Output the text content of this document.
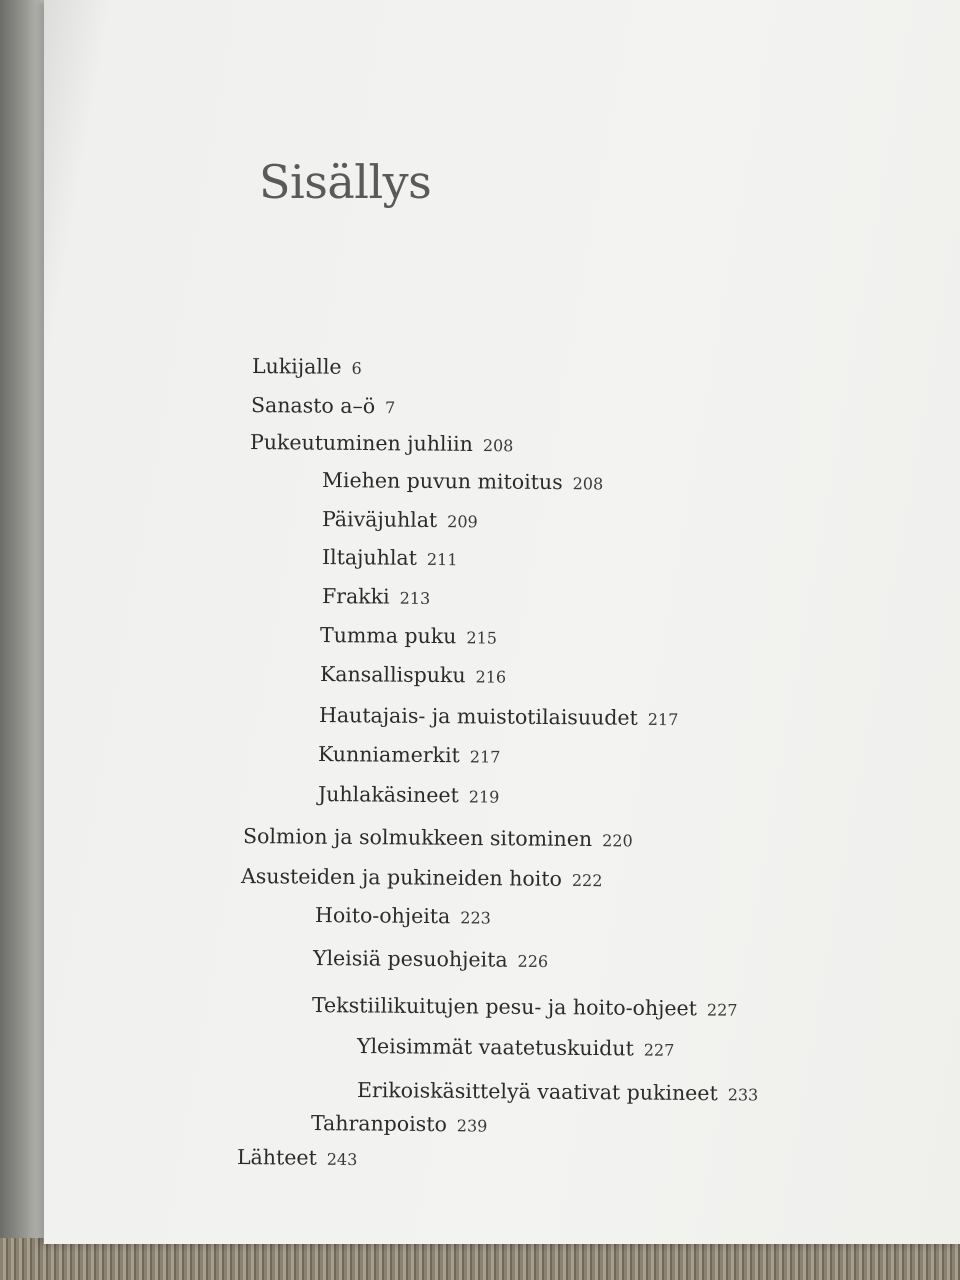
Sisällys
Lukijalle 6
Sanasto a–ö 7
Pukeutuminen juhliin 208
Miehen puvun mitoitus 208
Päiväjuhlat 209
Iltajuhlat 211
Frakki 213
Tumma puku 215
Kansallispuku 216
Hautajais- ja muistotilaisuudet 217
Kunniamerkit 217
Juhlakäsineet 219
Solmion ja solmukkeen sitominen 220
Asusteiden ja pukineiden hoito 222
Hoito-ohjeita 223
Yleisiä pesuohjeita 226
Tekstiilikuitujen pesu- ja hoito-ohjeet 227
Yleisimmät vaatetuskuidut 227
Erikoiskäsittelyä vaativat pukineet 233
Tahranpoisto 239
Lähteet 243
